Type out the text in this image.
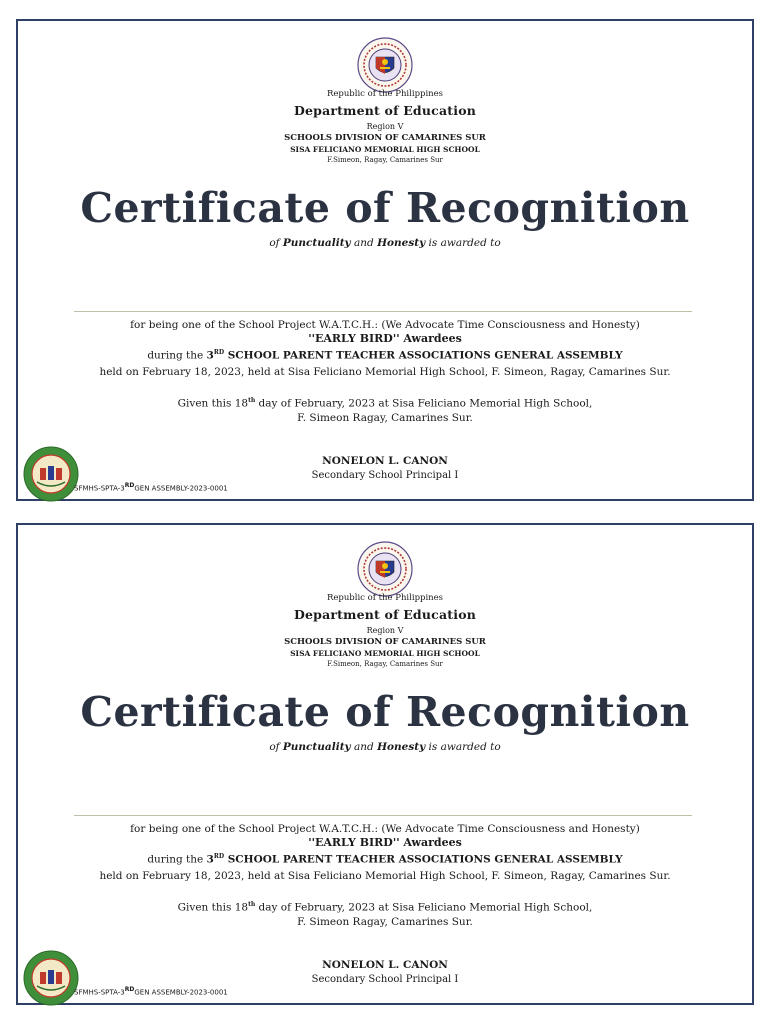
Republic of the Philippines
Department of Education
Region V
SCHOOLS DIVISION OF CAMARINES SUR
SISA FELICIANO MEMORIAL HIGH SCHOOL
F.Simeon, Ragay, Camarines Sur
Certificate of Recognition
of Punctuality and Honesty is awarded to
for being one of the School Project W.A.T.C.H.: (We Advocate Time Consciousness and Honesty)
''EARLY BIRD'' Awardees
during the 3RD SCHOOL PARENT TEACHER ASSOCIATIONS GENERAL ASSEMBLY
held on February 18, 2023, held at Sisa Feliciano Memorial High School, F. Simeon, Ragay, Camarines Sur.
Given this 18th day of February, 2023 at Sisa Feliciano Memorial High School,
F. Simeon Ragay, Camarines Sur.
NONELON L. CANON
Secondary School Principal I
SFMHS-SPTA-3RDGEN ASSEMBLY-2023-0001
Republic of the Philippines
Department of Education
Region V
SCHOOLS DIVISION OF CAMARINES SUR
SISA FELICIANO MEMORIAL HIGH SCHOOL
F.Simeon, Ragay, Camarines Sur
Certificate of Recognition
of Punctuality and Honesty is awarded to
for being one of the School Project W.A.T.C.H.: (We Advocate Time Consciousness and Honesty)
''EARLY BIRD'' Awardees
during the 3RD SCHOOL PARENT TEACHER ASSOCIATIONS GENERAL ASSEMBLY
held on February 18, 2023, held at Sisa Feliciano Memorial High School, F. Simeon, Ragay, Camarines Sur.
Given this 18th day of February, 2023 at Sisa Feliciano Memorial High School,
F. Simeon Ragay, Camarines Sur.
NONELON L. CANON
Secondary School Principal I
SFMHS-SPTA-3RDGEN ASSEMBLY-2023-0001
